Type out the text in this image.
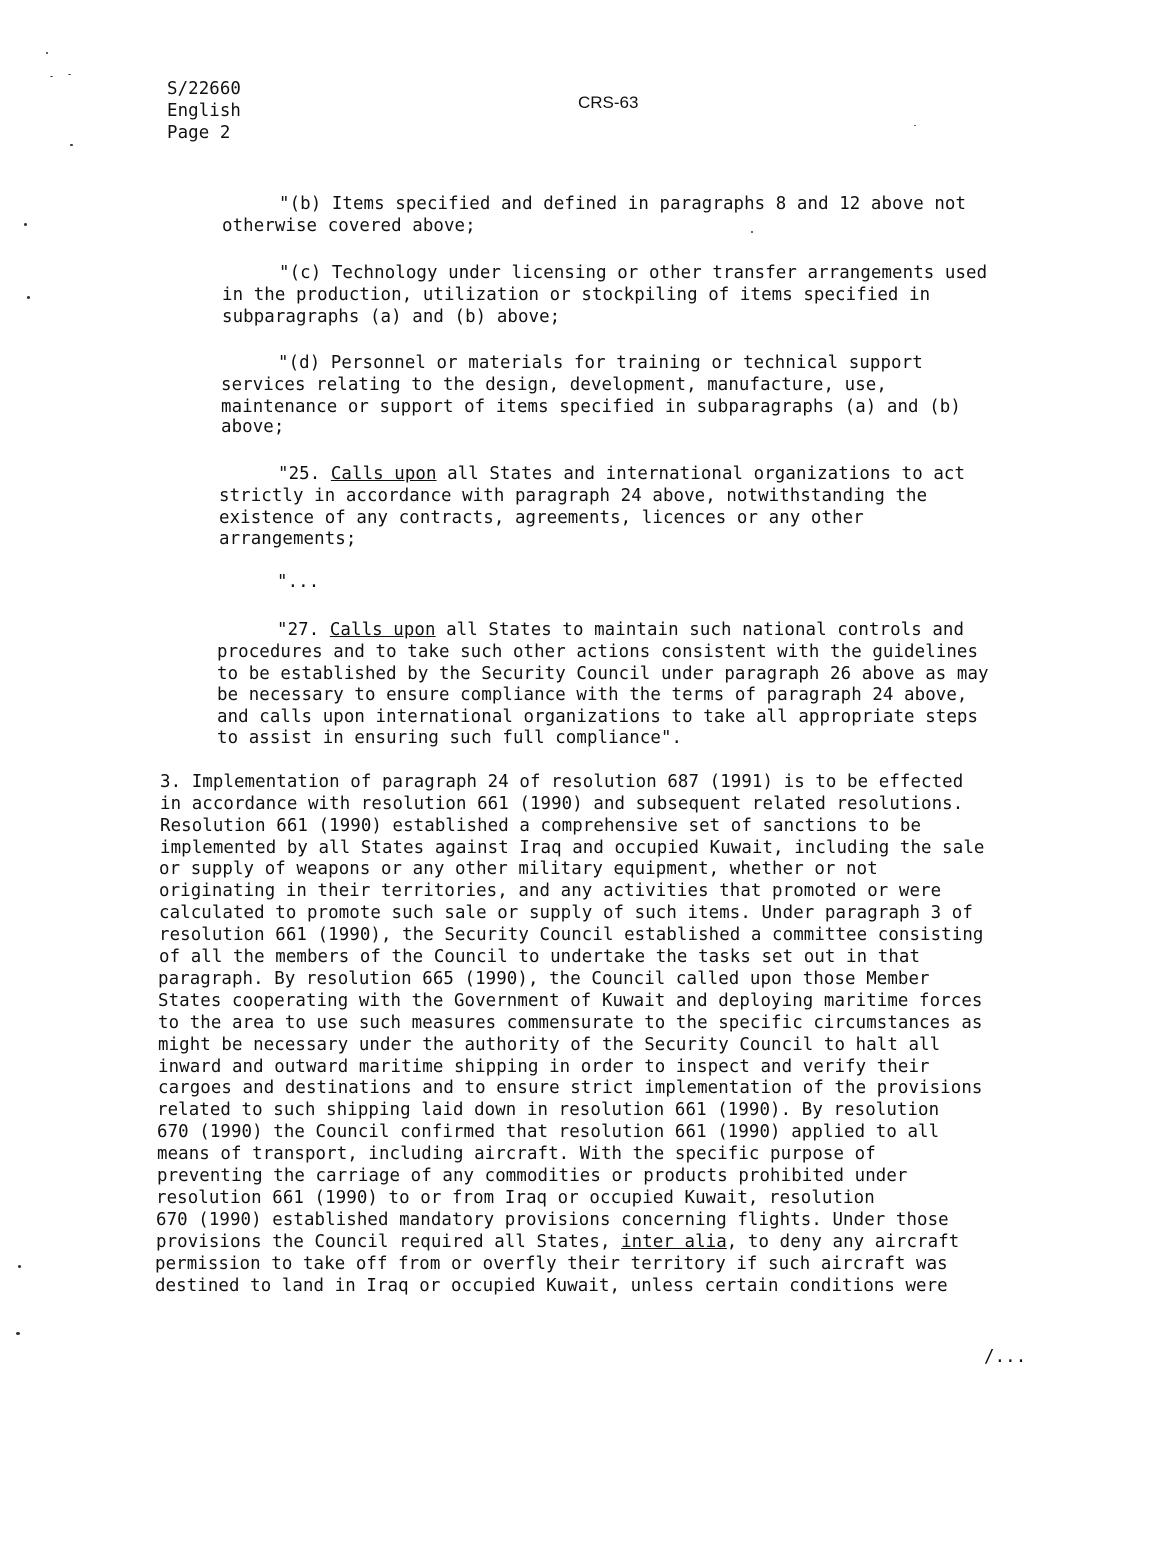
S/22660
English
Page 2
CRS-63
"(b) Items specified and defined in paragraphs 8 and 12 above not
otherwise covered above;
"(c) Technology under licensing or other transfer arrangements used
in the production, utilization or stockpiling of items specified in
subparagraphs (a) and (b) above;
"(d) Personnel or materials for training or technical support
services relating to the design, development, manufacture, use,
maintenance or support of items specified in subparagraphs (a) and (b)
above;
"25. Calls upon all States and international organizations to act
strictly in accordance with paragraph 24 above, notwithstanding the
existence of any contracts, agreements, licences or any other
arrangements;
"...
"27. Calls upon all States to maintain such national controls and
procedures and to take such other actions consistent with the guidelines
to be established by the Security Council under paragraph 26 above as may
be necessary to ensure compliance with the terms of paragraph 24 above,
and calls upon international organizations to take all appropriate steps
to assist in ensuring such full compliance".
3. Implementation of paragraph 24 of resolution 687 (1991) is to be effected
in accordance with resolution 661 (1990) and subsequent related resolutions.
Resolution 661 (1990) established a comprehensive set of sanctions to be
implemented by all States against Iraq and occupied Kuwait, including the sale
or supply of weapons or any other military equipment, whether or not
originating in their territories, and any activities that promoted or were
calculated to promote such sale or supply of such items. Under paragraph 3 of
resolution 661 (1990), the Security Council established a committee consisting
of all the members of the Council to undertake the tasks set out in that
paragraph. By resolution 665 (1990), the Council called upon those Member
States cooperating with the Government of Kuwait and deploying maritime forces
to the area to use such measures commensurate to the specific circumstances as
might be necessary under the authority of the Security Council to halt all
inward and outward maritime shipping in order to inspect and verify their
cargoes and destinations and to ensure strict implementation of the provisions
related to such shipping laid down in resolution 661 (1990). By resolution
670 (1990) the Council confirmed that resolution 661 (1990) applied to all
means of transport, including aircraft. With the specific purpose of
preventing the carriage of any commodities or products prohibited under
resolution 661 (1990) to or from Iraq or occupied Kuwait, resolution
670 (1990) established mandatory provisions concerning flights. Under those
provisions the Council required all States, inter alia, to deny any aircraft
permission to take off from or overfly their territory if such aircraft was
destined to land in Iraq or occupied Kuwait, unless certain conditions were
/...
